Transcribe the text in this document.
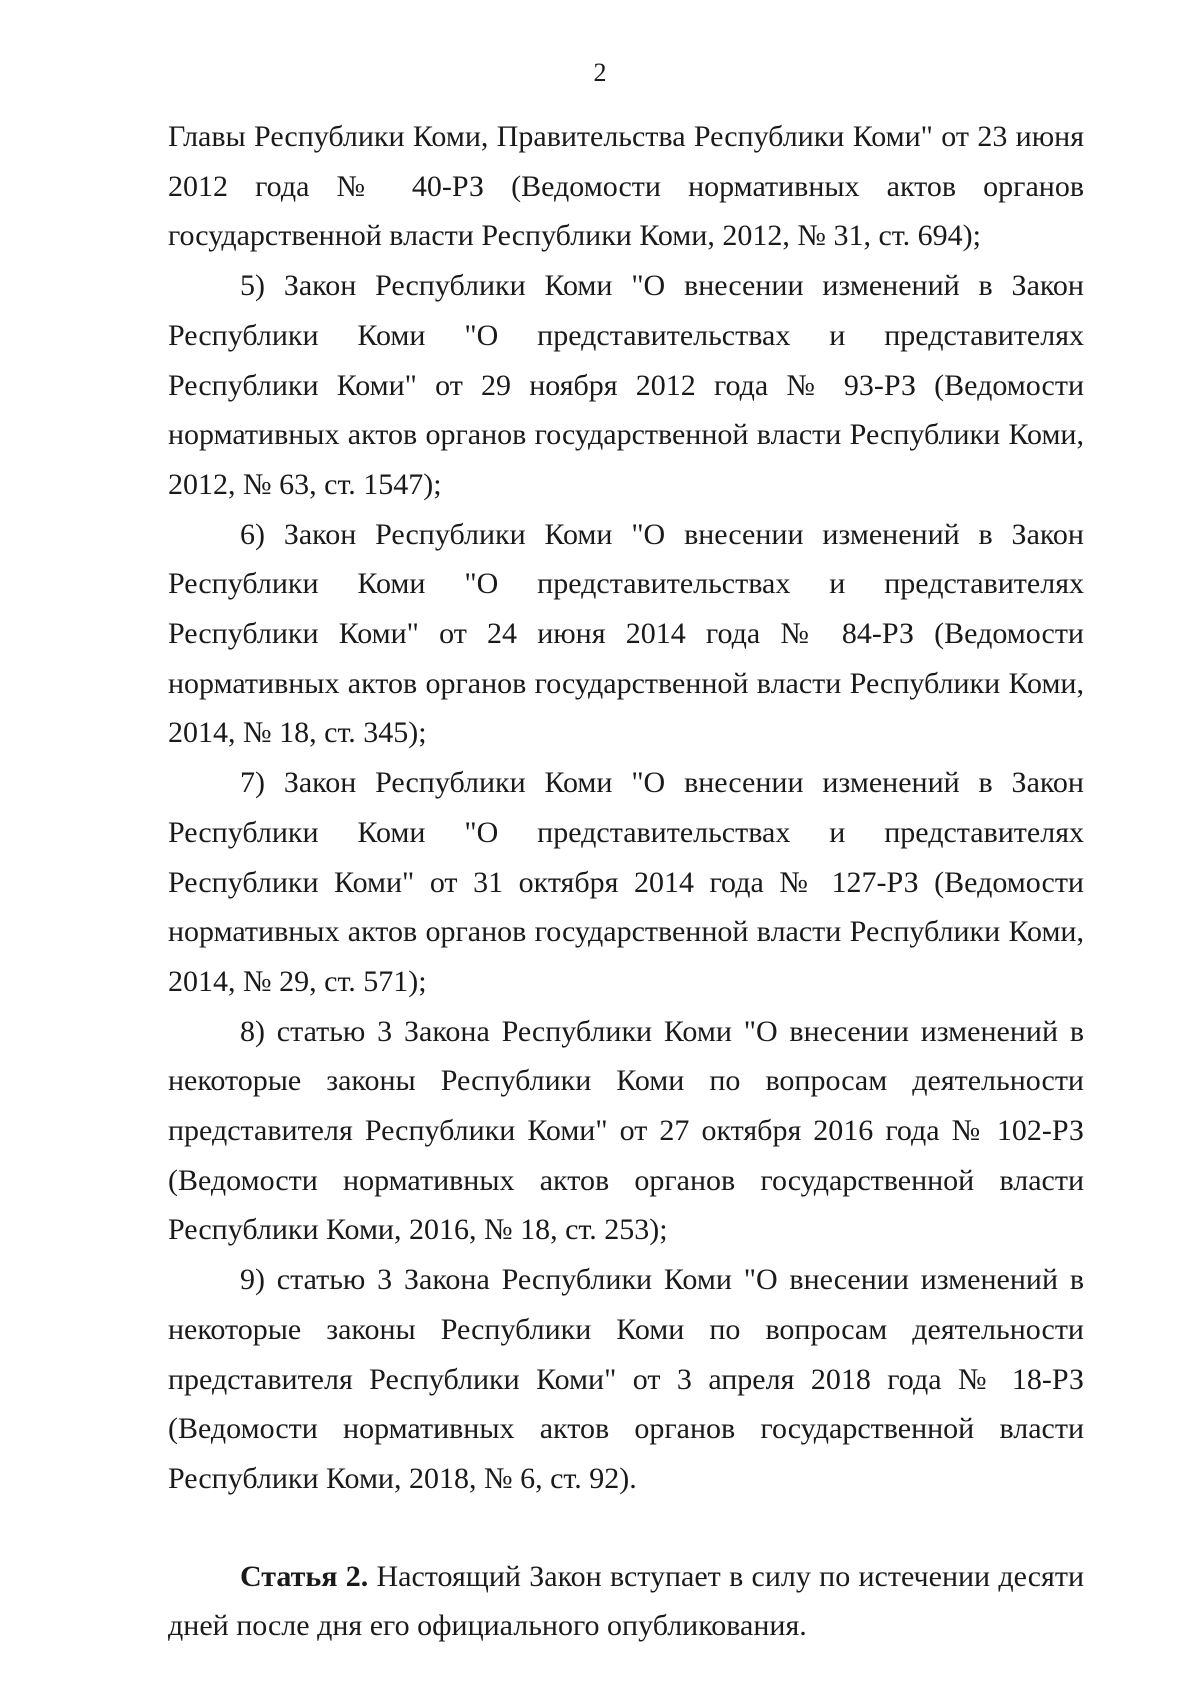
2

Главы Республики Коми, Правительства Республики Коми" от 23 июня 2012 года № 40-РЗ (Ведомости нормативных актов органов государственной власти Республики Коми, 2012, № 31, ст. 694);

5) Закон Республики Коми "О внесении изменений в Закон Республики Коми "О представительствах и представителях Республики Коми" от 29 ноября 2012 года № 93-РЗ (Ведомости нормативных актов органов государственной власти Республики Коми, 2012, № 63, ст. 1547);

6) Закон Республики Коми "О внесении изменений в Закон Республики Коми "О представительствах и представителях Республики Коми" от 24 июня 2014 года № 84-РЗ (Ведомости нормативных актов органов государственной власти Республики Коми, 2014, № 18, ст. 345);

7) Закон Республики Коми "О внесении изменений в Закон Республики Коми "О представительствах и представителях Республики Коми" от 31 октября 2014 года № 127-РЗ (Ведомости нормативных актов органов государственной власти Республики Коми, 2014, № 29, ст. 571);

8) статью 3 Закона Республики Коми "О внесении изменений в некоторые законы Республики Коми по вопросам деятельности представителя Республики Коми" от 27 октября 2016 года № 102-РЗ (Ведомости нормативных актов органов государственной власти Республики Коми, 2016, № 18, ст. 253);

9) статью 3 Закона Республики Коми "О внесении изменений в некоторые законы Республики Коми по вопросам деятельности представителя Республики Коми" от 3 апреля 2018 года № 18-РЗ (Ведомости нормативных актов органов государственной власти Республики Коми, 2018, № 6, ст. 92).

Статья 2. Настоящий Закон вступает в силу по истечении десяти дней после дня его официального опубликования.
